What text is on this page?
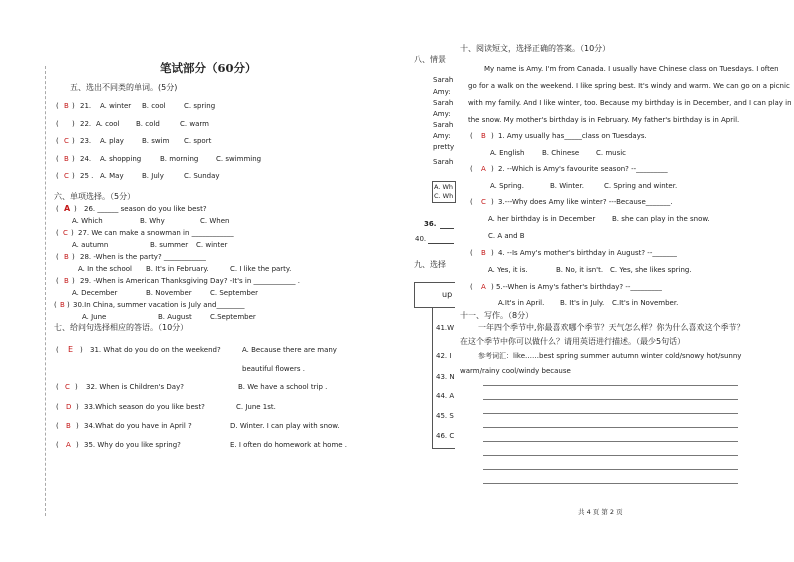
笔试部分（60分）
五、选出不同类的单词。(5分)
( B ) 21. A. winter B. cool	C. spring
( ) 22. A. cool B. cold	C. warm
( C ) 23. A. play	B. swim C. sport
( B ) 24. A. shopping	B. morning	C. swimming
( C ) 25 . A. May	B. July	C. Sunday
六、单项选择。（5分）
( A ) 26. ______ season do you like best?
A. Which	B. Why	C. When
( C ) 27. We can make a snowman in ____________
A. autumn	B. summer C. winter
( B ) 28. -When is the party? ____________
A. In the school B. It's in February.	C. I like the party.
( B ) 29. -When is American Thanksgiving Day? -It's in ____________ .
A. December	B. November	C. September
( B ) 30.In China, summer vacation is July and________
A. June	B. August	C.September
七、给问句选择相应的答语。（10分）
( E ) 31. What do you do on the weekend?	A. Because there are many
beautiful flowers .
( C ) 32. When is Children's Day?	B. We have a school trip .
( D ) 33.Which season do you like best?	C. June 1st.
( B ) 34.What do you have in April ?	D. Winter. I can play with snow.
( A ) 35. Why do you like spring?	E. I often do homework at home .
八、情景
Sarah
Amy:
Sarah
Amy:
Sarah
Amy:
pretty
Sarah
A. Wh
C. Wh
36.
40.
九、选择
up
41.W
42. I
43. N
44. A
45. S
46. C
十、阅读短文，选择正确的答案。（10分）
My name is Amy. I'm from Canada. I usually have Chinese class on Tuesdays. I often
go for a walk on the weekend. I like spring best. It's windy and warm. We can go on a picnic
with my family. And I like winter, too. Because my birthday is in December, and I can play in
the snow. My mother's birthday is in February. My father's birthday is in April.
( B ) 1. Amy usually has_____class on Tuesdays.
A. English	B. Chinese C. music
( A ) 2. --Which is Amy's favourite season? --_________
A. Spring.	B. Winter.	C. Spring and winter.
( C ) 3.---Why does Amy like winter? ---Because_______.
A. her birthday is in December B. she can play in the snow.
C. A and B
( B ) 4. --Is Amy's mother's birthday in August? --_______
A. Yes, it is.	B. No, it isn't. C. Yes, she likes spring.
( A ) 5.--When is Amy's father's birthday? --_________
A.It's in April. B. It's in July. C.It's in November.
十一、写作。（8分）
一年四个季节中,你最喜欢哪个季节？天气怎么样？你为什么喜欢这个季节？
在这个季节中你可以做什么？请用英语进行描述。（最少5句话）
参考词汇：like……best spring summer autumn winter cold/snowy hot/sunny
warm/rainy cool/windy because
共 4 页 第 2 页
